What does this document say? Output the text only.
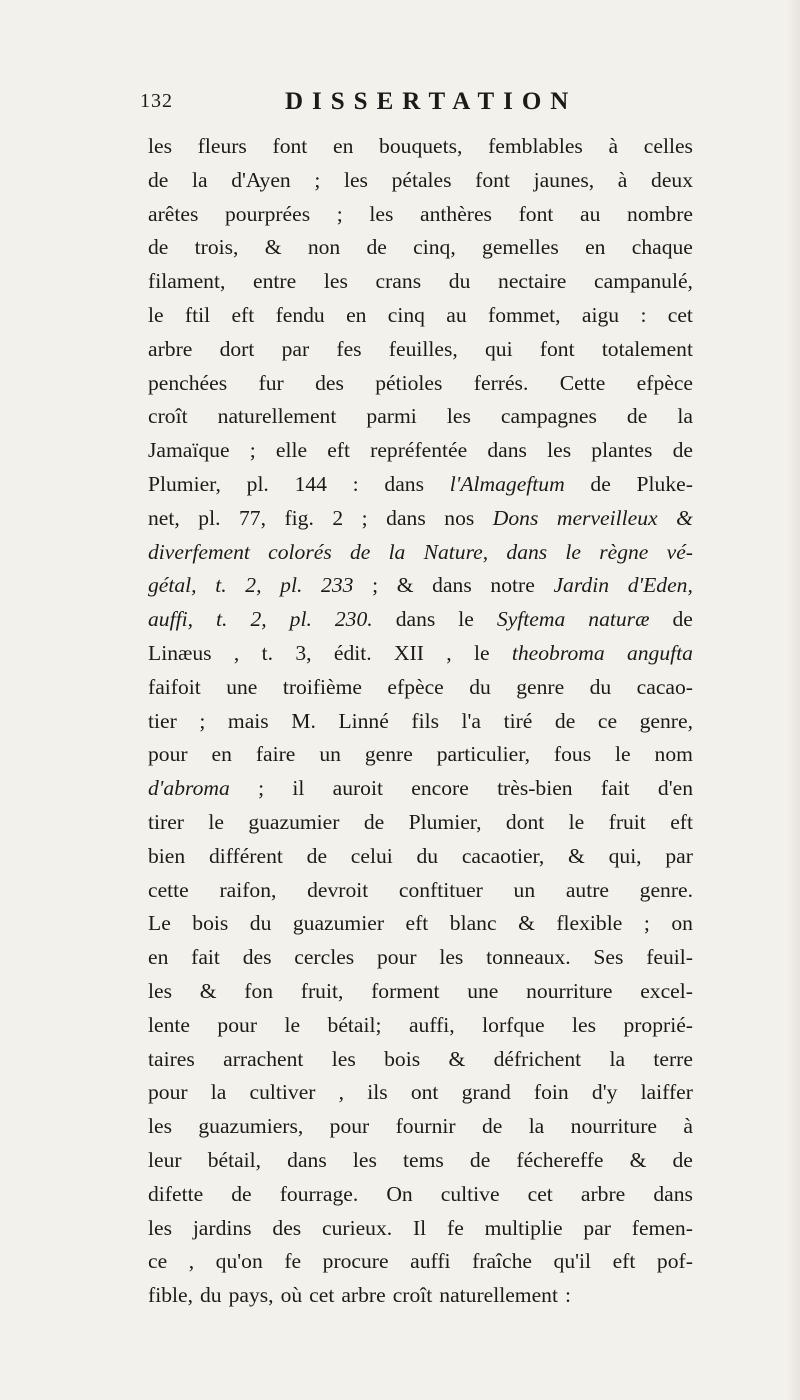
132	DISSERTATION
les fleurs font en bouquets, femblables à celles
de la d'Ayen ; les pétales font jaunes, à deux
arêtes pourprées ; les anthères font au nombre
de trois, & non de cinq, gemelles en chaque
filament, entre les crans du nectaire campanulé,
le ftil eft fendu en cinq au fommet, aigu : cet
arbre dort par fes feuilles, qui font totalement
penchées fur des pétioles ferrés. Cette efpèce
croît naturellement parmi les campagnes de la
Jamaïque ; elle eft repréfentée dans les plantes de
Plumier, pl. 144 : dans l'Almageftum de Pluke-
net, pl. 77, fig. 2 ; dans nos Dons merveilleux &
diverfement colorés de la Nature, dans le règne vé-
gétal, t. 2, pl. 233 ; & dans notre Jardin d'Eden,
auffi, t. 2, pl. 230. dans le Syftema naturæ de
Linæus , t. 3, édit. XII , le theobroma angufta
faifoit une troifième efpèce du genre du cacao-
tier ; mais M. Linné fils l'a tiré de ce genre,
pour en faire un genre particulier, fous le nom
d'abroma ; il auroit encore très-bien fait d'en
tirer le guazumier de Plumier, dont le fruit eft
bien différent de celui du cacaotier, & qui, par
cette raifon, devroit conftituer un autre genre.
Le bois du guazumier eft blanc & flexible ; on
en fait des cercles pour les tonneaux. Ses feuil-
les & fon fruit, forment une nourriture excel-
lente pour le bétail; auffi, lorfque les proprié-
taires arrachent les bois & défrichent la terre
pour la cultiver , ils ont grand foin d'y laiffer
les guazumiers, pour fournir de la nourriture à
leur bétail, dans les tems de féchereffe & de
difette de fourrage. On cultive cet arbre dans
les jardins des curieux. Il fe multiplie par femen-
ce , qu'on fe procure auffi fraîche qu'il eft pof-
fible, du pays, où cet arbre croît naturellement :
